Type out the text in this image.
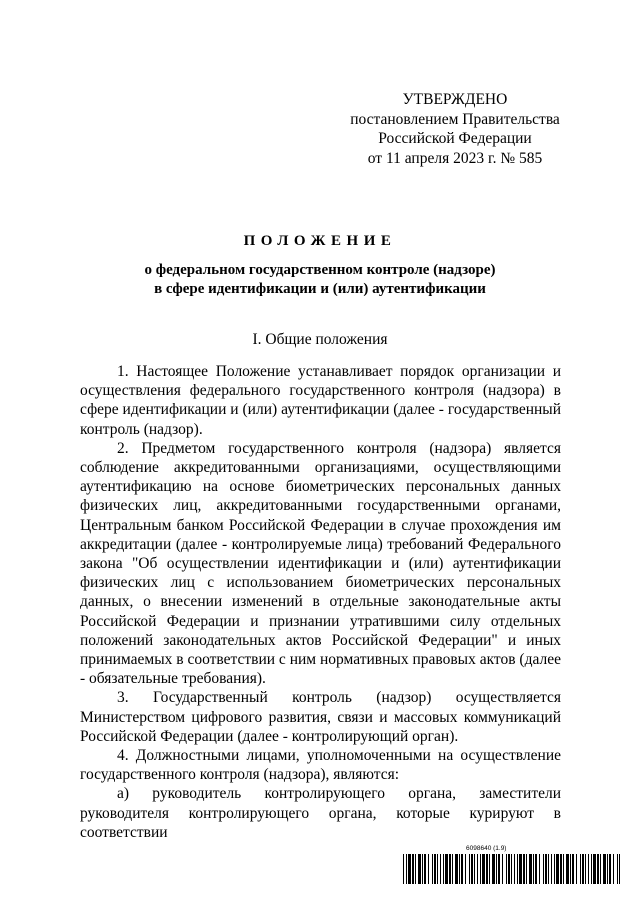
УТВЕРЖДЕНО
постановлением Правительства
Российской Федерации
от 11 апреля 2023 г. № 585
ПОЛОЖЕНИЕ
о федеральном государственном контроле (надзоре)
в сфере идентификации и (или) аутентификации
I. Общие положения

1. Настоящее Положение устанавливает порядок организации и осуществления федерального государственного контроля (надзора) в сфере идентификации и (или) аутентификации (далее - государственный контроль (надзор).

2. Предметом государственного контроля (надзора) является соблюдение аккредитованными организациями, осуществляющими аутентификацию на основе биометрических персональных данных физических лиц, аккредитованными государственными органами, Центральным банком Российской Федерации в случае прохождения им аккредитации (далее - контролируемые лица) требований Федерального закона "Об осуществлении идентификации и (или) аутентификации физических лиц с использованием биометрических персональных данных, о внесении изменений в отдельные законодательные акты Российской Федерации и признании утратившими силу отдельных положений законодательных актов Российской Федерации" и иных принимаемых в соответствии с ним нормативных правовых актов (далее - обязательные требования).

3. Государственный контроль (надзор) осуществляется Министерством цифрового развития, связи и массовых коммуникаций Российской Федерации (далее - контролирующий орган).

4. Должностными лицами, уполномоченными на осуществление государственного контроля (надзора), являются:

а) руководитель контролирующего органа, заместители руководителя контролирующего органа, которые курируют в соответствии

6098640 (1.9)
